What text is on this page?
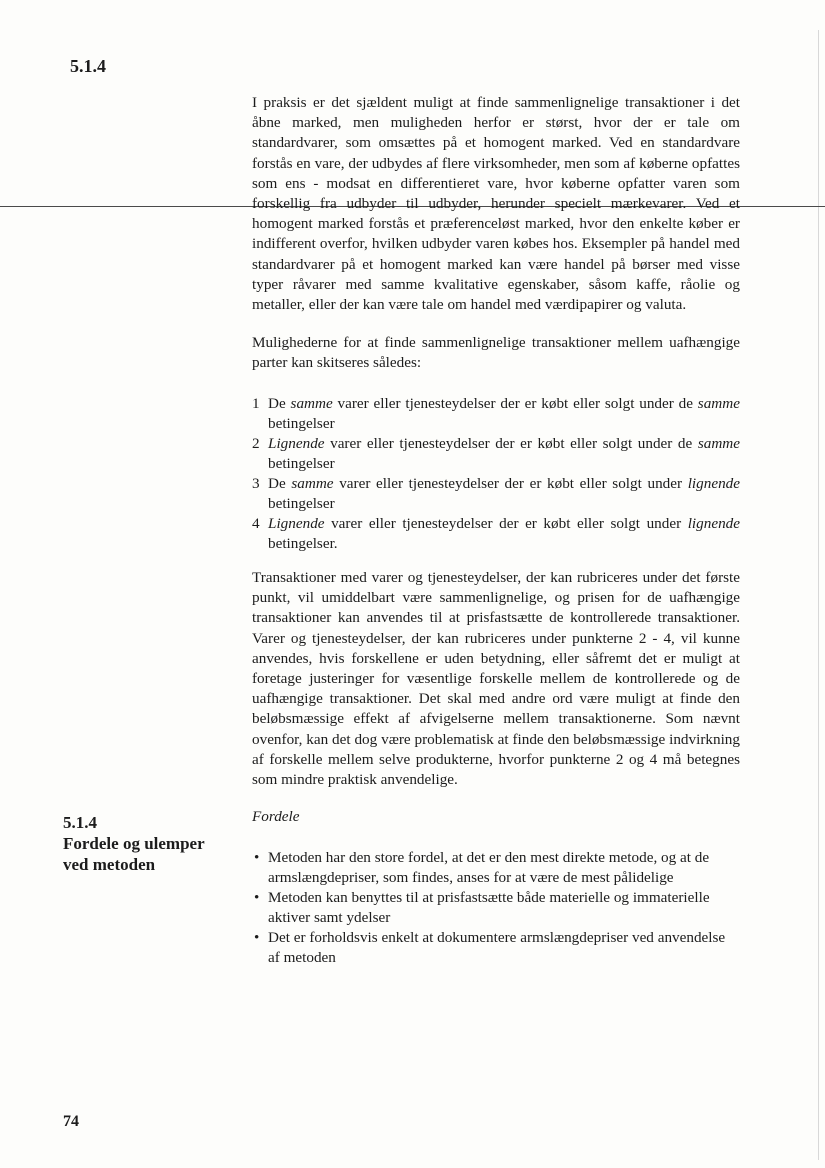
5.1.4

I praksis er det sjældent muligt at finde sammenlignelige transaktioner i det åbne marked, men muligheden herfor er størst, hvor der er tale om standardvarer, som omsættes på et homogent marked. Ved en standardvare forstås en vare, der udbydes af flere virksomheder, men som af køberne opfattes som ens - modsat en differentieret vare, hvor køberne opfatter varen som forskellig fra udbyder til udbyder, herunder specielt mærkevarer. Ved et homogent marked forstås et præferenceløst marked, hvor den enkelte køber er indifferent overfor, hvilken udbyder varen købes hos. Eksempler på handel med standardvarer på et homogent marked kan være handel på børser med visse typer råvarer med samme kvalitative egenskaber, såsom kaffe, råolie og metaller, eller der kan være tale om handel med værdipapirer og valuta.

Mulighederne for at finde sammenlignelige transaktioner mellem uafhængige parter kan skitseres således:

1 De samme varer eller tjenesteydelser der er købt eller solgt under de samme betingelser
2 Lignende varer eller tjenesteydelser der er købt eller solgt under de samme betingelser
3 De samme varer eller tjenesteydelser der er købt eller solgt under lignende betingelser
4 Lignende varer eller tjenesteydelser der er købt eller solgt under lignende betingelser.

Transaktioner med varer og tjenesteydelser, der kan rubriceres under det første punkt, vil umiddelbart være sammenlignelige, og prisen for de uafhængige transaktioner kan anvendes til at prisfastsætte de kontrollerede transaktioner. Varer og tjenesteydelser, der kan rubriceres under punkterne 2 - 4, vil kunne anvendes, hvis forskellene er uden betydning, eller såfremt det er muligt at foretage justeringer for væsentlige forskelle mellem de kontrollerede og de uafhængige transaktioner. Det skal med andre ord være muligt at finde den beløbsmæssige effekt af afvigelserne mellem transaktionerne. Som nævnt ovenfor, kan det dog være problematisk at finde den beløbsmæssige indvirkning af forskelle mellem selve produkterne, hvorfor punkterne 2 og 4 må betegnes som mindre praktisk anvendelige.

5.1.4
Fordele og ulemper ved metoden
Fordele
• Metoden har den store fordel, at det er den mest direkte metode, og at de armslængdepriser, som findes, anses for at være de mest pålidelige
• Metoden kan benyttes til at prisfastsætte både materielle og immaterielle aktiver samt ydelser
• Det er forholdsvis enkelt at dokumentere armslængdepriser ved anvendelse af metoden
74
